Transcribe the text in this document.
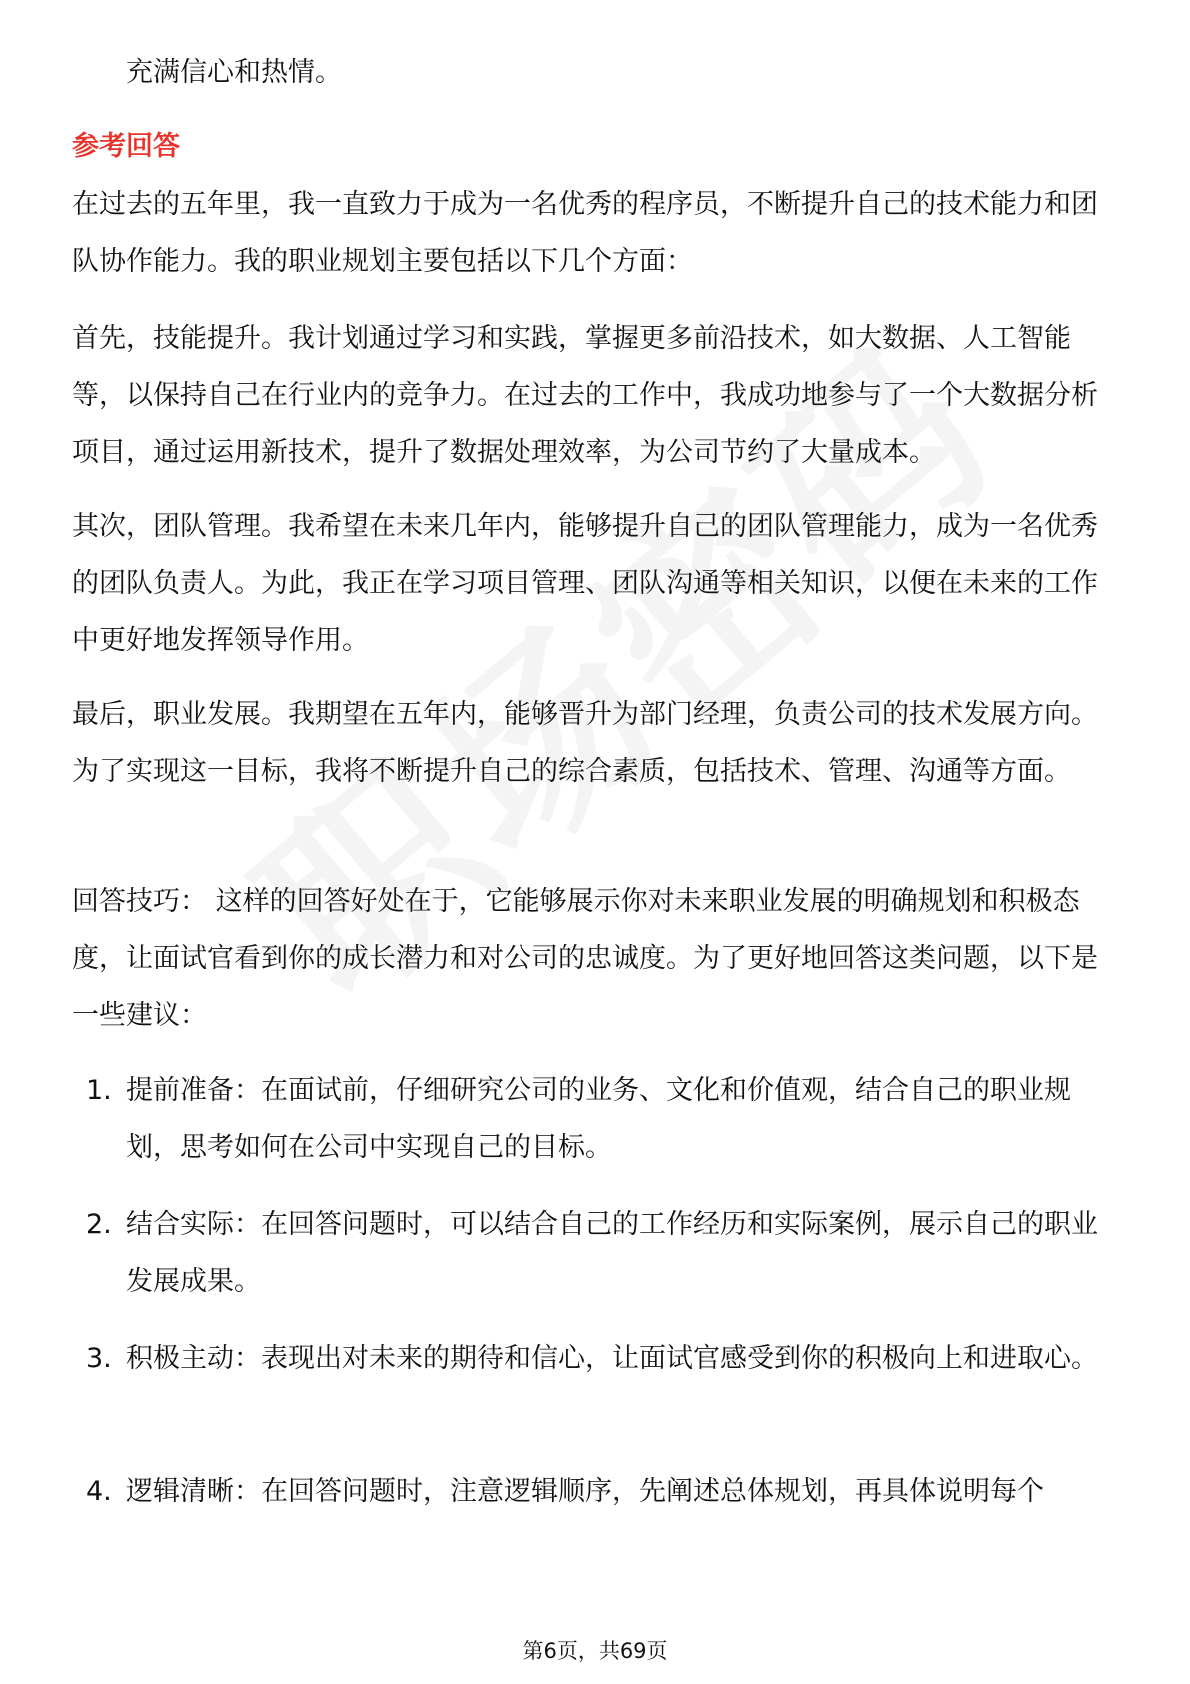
充满信心和热情。

参考回答

在过去的五年里，我一直致力于成为一名优秀的程序员，不断提升自己的技术能力和团队协作能力。我的职业规划主要包括以下几个方面：

首先，技能提升。我计划通过学习和实践，掌握更多前沿技术，如大数据、人工智能等，以保持自己在行业内的竞争力。在过去的工作中，我成功地参与了一个大数据分析项目，通过运用新技术，提升了数据处理效率，为公司节约了大量成本。

其次，团队管理。我希望在未来几年内，能够提升自己的团队管理能力，成为一名优秀的团队负责人。为此，我正在学习项目管理、团队沟通等相关知识，以便在未来的工作中更好地发挥领导作用。

最后，职业发展。我期望在五年内，能够晋升为部门经理，负责公司的技术发展方向。为了实现这一目标，我将不断提升自己的综合素质，包括技术、管理、沟通等方面。

回答技巧： 这样的回答好处在于，它能够展示你对未来职业发展的明确规划和积极态度，让面试官看到你的成长潜力和对公司的忠诚度。为了更好地回答这类问题，以下是一些建议：

1. 提前准备：在面试前，仔细研究公司的业务、文化和价值观，结合自己的职业规划，思考如何在公司中实现自己的目标。
2. 结合实际：在回答问题时，可以结合自己的工作经历和实际案例，展示自己的职业发展成果。
3. 积极主动：表现出对未来的期待和信心，让面试官感受到你的积极向上和进取心。
4. 逻辑清晰：在回答问题时，注意逻辑顺序，先阐述总体规划，再具体说明每个
第6页，共69页
